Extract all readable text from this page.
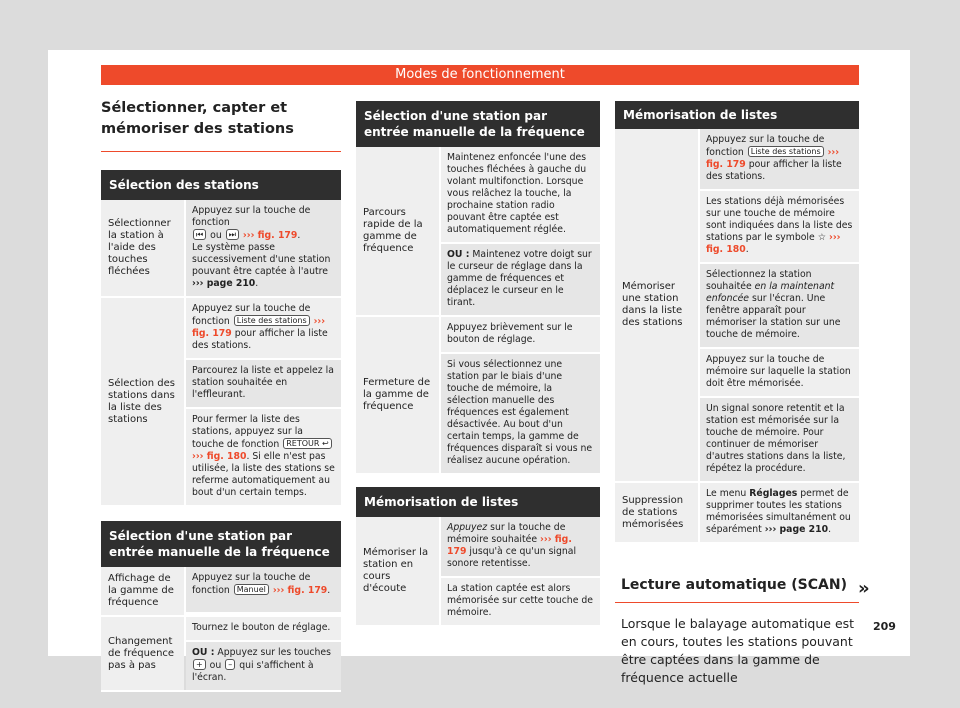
Modes de fonctionnement
Sélectionner, capter et mémoriser des stations
Sélection des stations
Sélectionner la station à l'aide des touches fléchées
Appuyez sur la touche de fonction
⏮ ou ⏭ ››› fig. 179.
Le système passe successivement d'une station pouvant être captée à l'autre ››› page 210.
Sélection des stations dans la liste des stations
Appuyez sur la touche de fonction Liste des stations ››› fig. 179 pour afficher la liste des stations.
Parcourez la liste et appelez la station souhaitée en l'effleurant.
Pour fermer la liste des stations, appuyez sur la touche de fonction RETOUR ↩ ››› fig. 180. Si elle n'est pas utilisée, la liste des stations se referme automatiquement au bout d'un certain temps.
Sélection d'une station par entrée manuelle de la fréquence
Affichage de la gamme de fréquence
Appuyez sur la touche de fonction Manuel ››› fig. 179.
Changement de fréquence pas à pas
Tournez le bouton de réglage.
OU : Appuyez sur les touches + ou – qui s'affichent à l'écran.
Sélection d'une station par entrée manuelle de la fréquence
Parcours rapide de la gamme de fréquence
Maintenez enfoncée l'une des touches fléchées à gauche du volant multifonction. Lorsque vous relâchez la touche, la prochaine station radio pouvant être captée est automatiquement réglée.
OU : Maintenez votre doigt sur le curseur de réglage dans la gamme de fréquences et déplacez le curseur en le tirant.
Fermeture de la gamme de fréquence
Appuyez brièvement sur le bouton de réglage.
Si vous sélectionnez une station par le biais d'une touche de mémoire, la sélection manuelle des fréquences est également désactivée. Au bout d'un certain temps, la gamme de fréquences disparaît si vous ne réalisez aucune opération.
Mémorisation de listes
Mémoriser la station en cours d'écoute
Appuyez sur la touche de mémoire souhaitée ››› fig. 179 jusqu'à ce qu'un signal sonore retentisse.
La station captée est alors mémorisée sur cette touche de mémoire.
Mémorisation de listes
Mémoriser une station dans la liste des stations
Appuyez sur la touche de fonction Liste des stations ››› fig. 179 pour afficher la liste des stations.
Les stations déjà mémorisées sur une touche de mémoire sont indiquées dans la liste des stations par le symbole ☆ ››› fig. 180.
Sélectionnez la station souhaitée en la maintenant enfoncée sur l'écran. Une fenêtre apparaît pour mémoriser la station sur une touche de mémoire.
Appuyez sur la touche de mémoire sur laquelle la station doit être mémorisée.
Un signal sonore retentit et la station est mémorisée sur la touche de mémoire. Pour continuer de mémoriser d'autres stations dans la liste, répétez la procédure.
Suppression de stations mémorisées
Le menu Réglages permet de supprimer toutes les stations mémorisées simultanément ou séparément ››› page 210.
Lecture automatique (SCAN)
Lorsque le balayage automatique est en cours, toutes les stations pouvant être captées dans la gamme de fréquence actuelle
»
209
